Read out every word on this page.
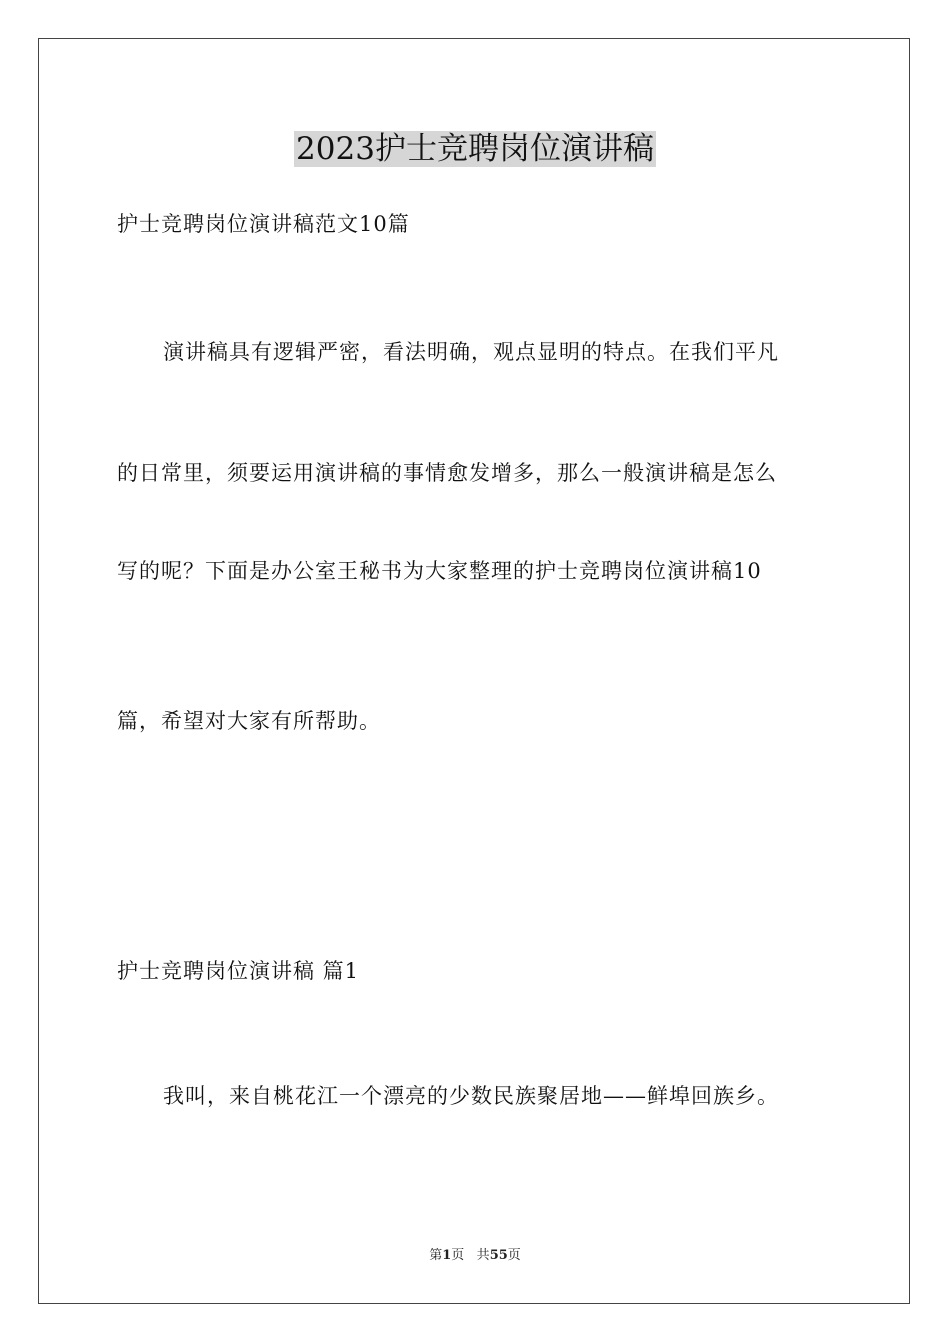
2023护士竞聘岗位演讲稿
护士竞聘岗位演讲稿范文10篇
演讲稿具有逻辑严密，看法明确，观点显明的特点。在我们平凡
的日常里，须要运用演讲稿的事情愈发增多，那么一般演讲稿是怎么
写的呢？下面是办公室王秘书为大家整理的护士竞聘岗位演讲稿10
篇，希望对大家有所帮助。
护士竞聘岗位演讲稿 篇1
我叫，来自桃花江一个漂亮的少数民族聚居地——鲜埠回族乡。
第1页 共55页
